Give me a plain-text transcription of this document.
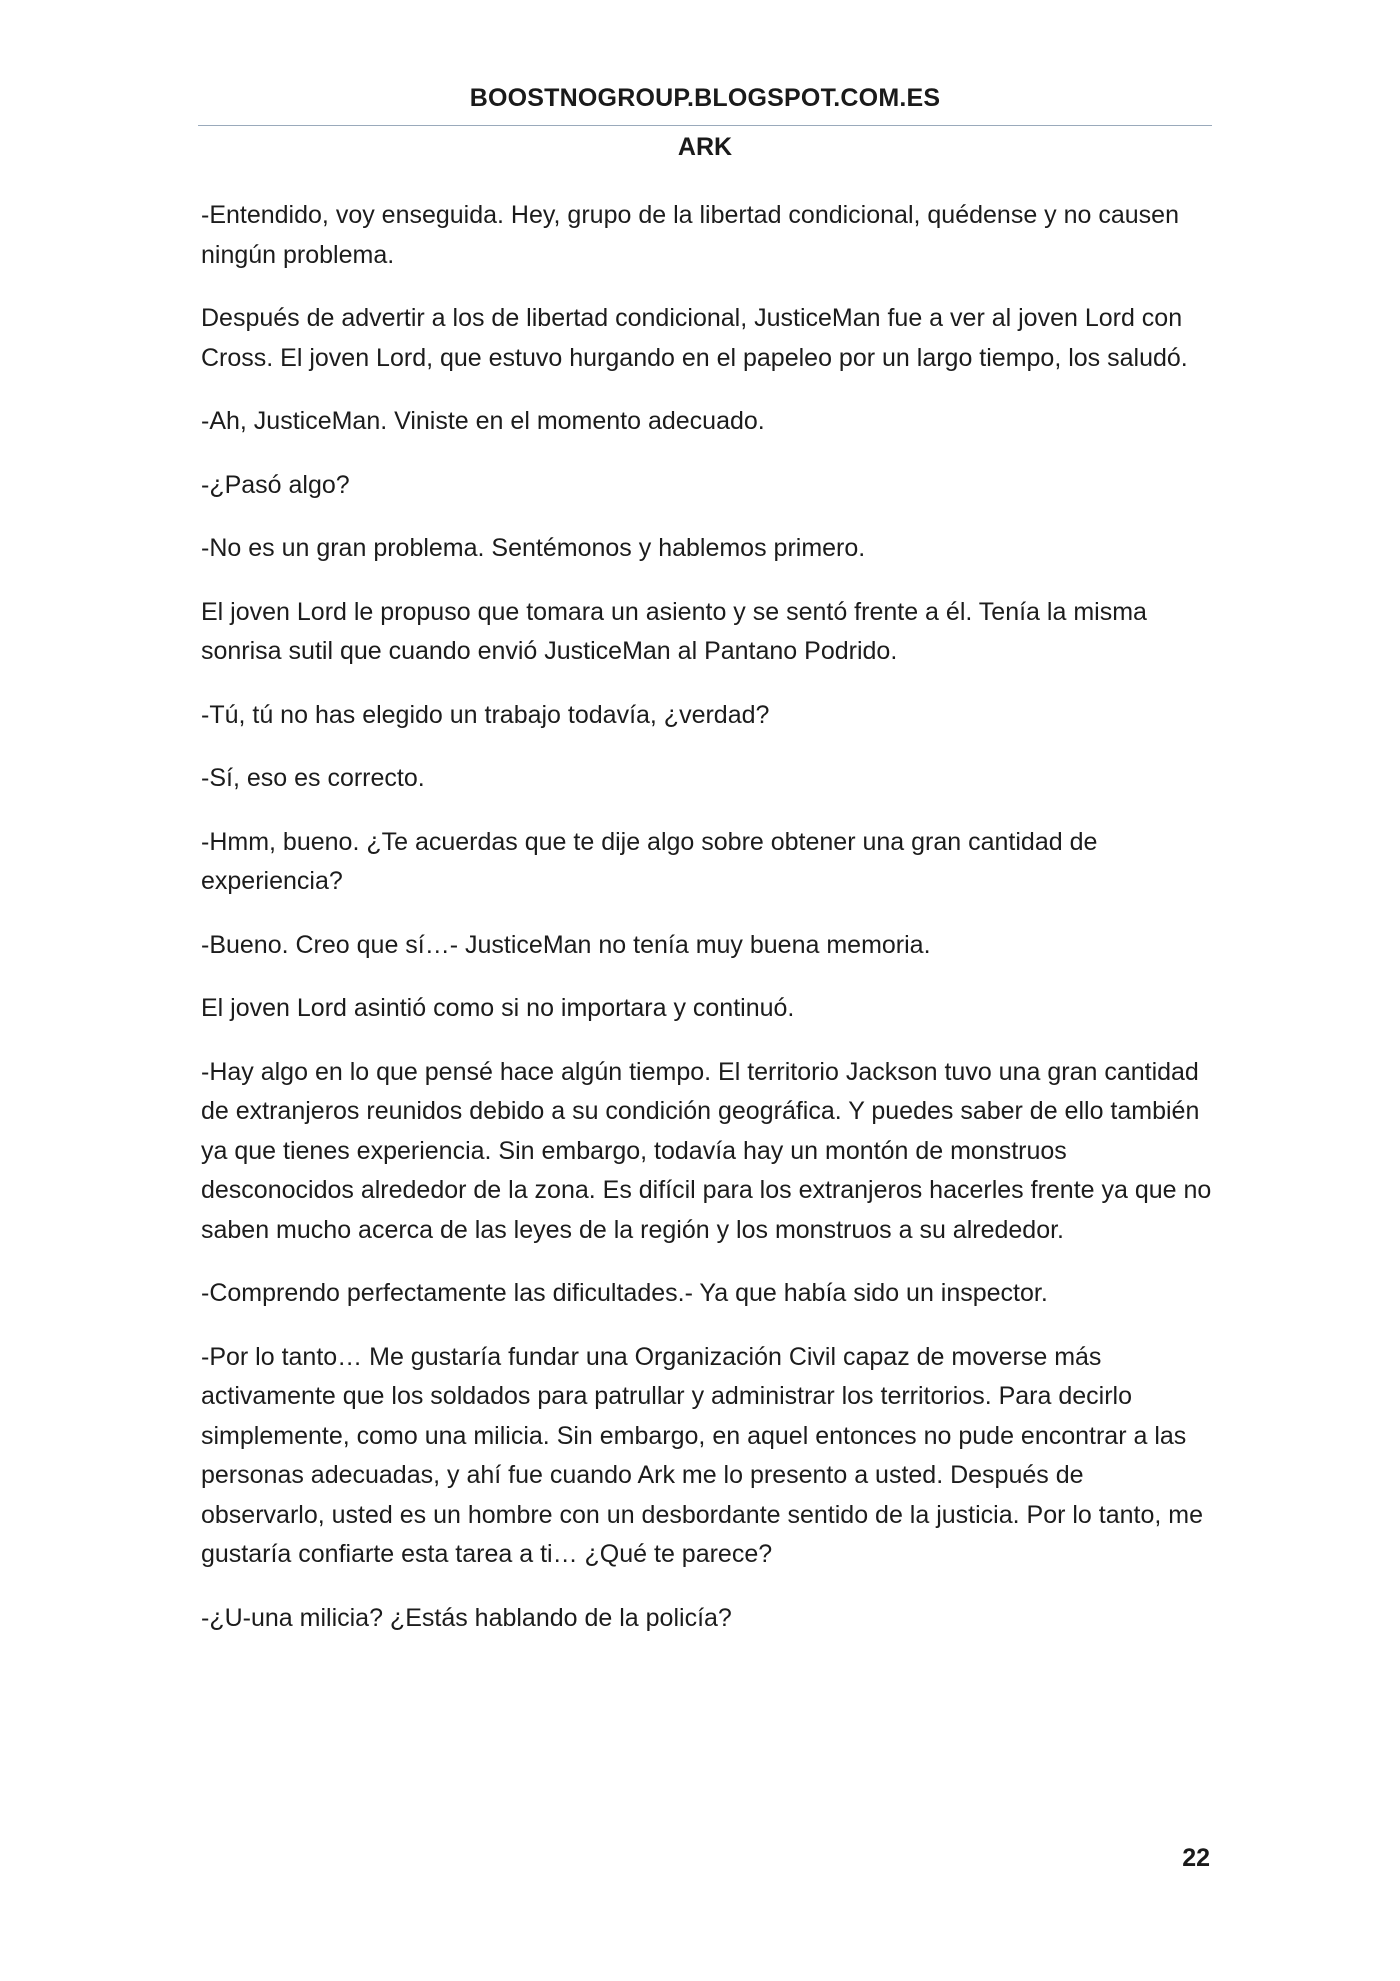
BOOSTNOGROUP.BLOGSPOT.COM.ES
ARK

-Entendido, voy enseguida. Hey, grupo de la libertad condicional, quédense y no causen ningún problema.

Después de advertir a los de libertad condicional, JusticeMan fue a ver al joven Lord con Cross. El joven Lord, que estuvo hurgando en el papeleo por un largo tiempo, los saludó.

-Ah, JusticeMan. Viniste en el momento adecuado.

-¿Pasó algo?

-No es un gran problema. Sentémonos y hablemos primero.

El joven Lord le propuso que tomara un asiento y se sentó frente a él. Tenía la misma sonrisa sutil que cuando envió JusticeMan al Pantano Podrido.

-Tú, tú no has elegido un trabajo todavía, ¿verdad?

-Sí, eso es correcto.

-Hmm, bueno. ¿Te acuerdas que te dije algo sobre obtener una gran cantidad de experiencia?

-Bueno. Creo que sí…- JusticeMan no tenía muy buena memoria.

El joven Lord asintió como si no importara y continuó.

-Hay algo en lo que pensé hace algún tiempo. El territorio Jackson tuvo una gran cantidad de extranjeros reunidos debido a su condición geográfica. Y puedes saber de ello también ya que tienes experiencia. Sin embargo, todavía hay un montón de monstruos desconocidos alrededor de la zona. Es difícil para los extranjeros hacerles frente ya que no saben mucho acerca de las leyes de la región y los monstruos a su alrededor.

-Comprendo perfectamente las dificultades.- Ya que había sido un inspector.

-Por lo tanto… Me gustaría fundar una Organización Civil capaz de moverse más activamente que los soldados para patrullar y administrar los territorios. Para decirlo simplemente, como una milicia. Sin embargo, en aquel entonces no pude encontrar a las personas adecuadas, y ahí fue cuando Ark me lo presento a usted. Después de observarlo, usted es un hombre con un desbordante sentido de la justicia. Por lo tanto, me gustaría confiarte esta tarea a ti… ¿Qué te parece?

-¿U-una milicia? ¿Estás hablando de la policía?

22
